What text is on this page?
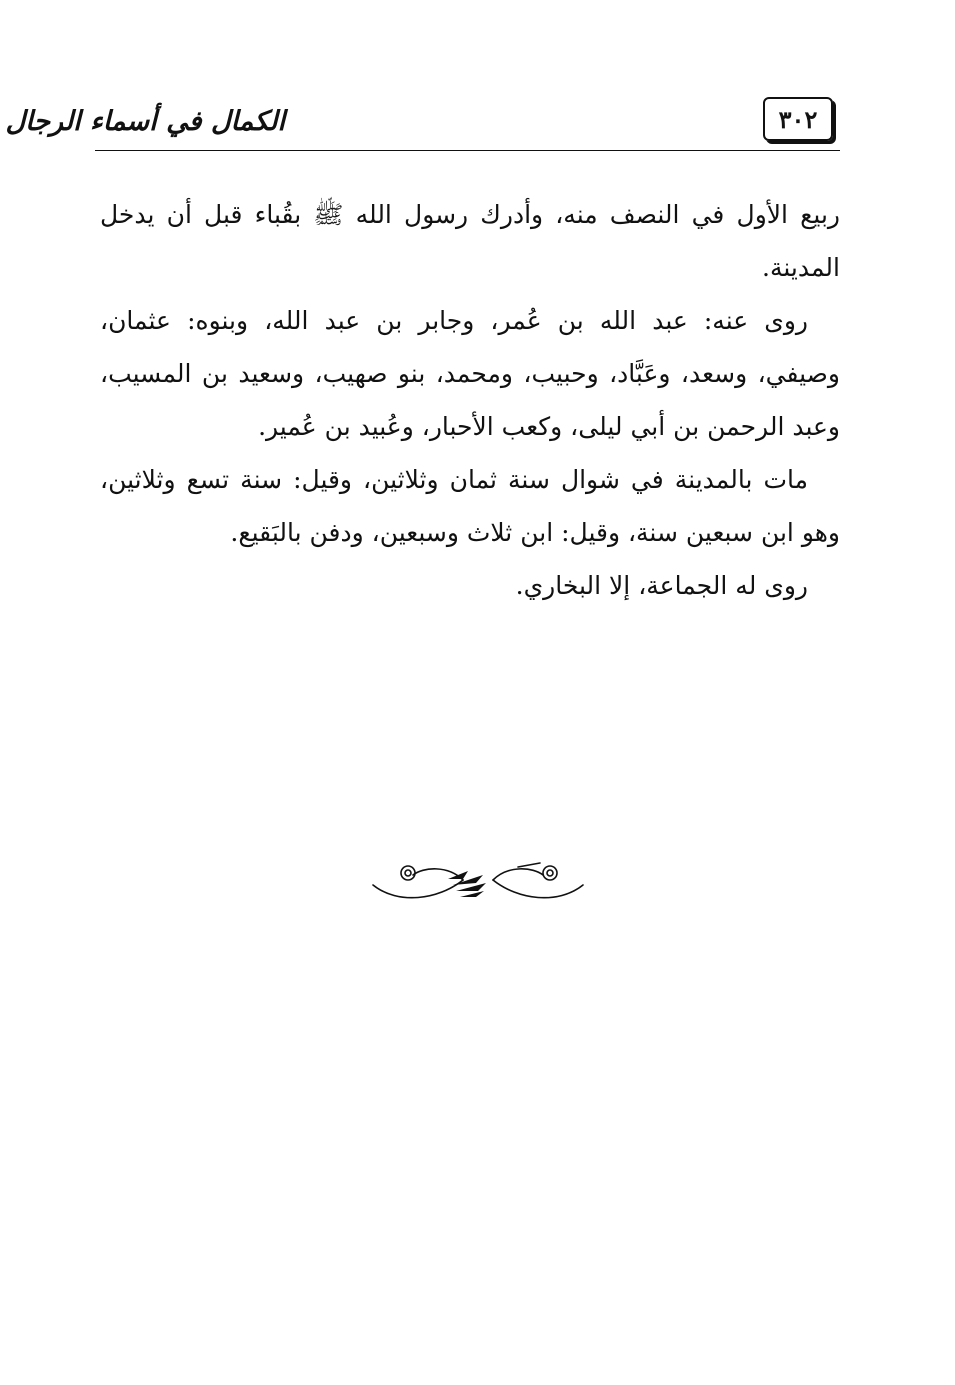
٣٠٢
الكمال في أسماء الرجال

ربيع الأول في النصف منه، وأدرك رسول الله ﷺ بقُباء قبل أن يدخل المدينة.

روى عنه: عبد الله بن عُمر، وجابر بن عبد الله، وبنوه: عثمان، وصيفي، وسعد، وعَبَّاد، وحبيب، ومحمد، بنو صهيب، وسعيد بن المسيب، وعبد الرحمن بن أبي ليلى، وكعب الأحبار، وعُبيد بن عُمير.

مات بالمدينة في شوال سنة ثمان وثلاثين، وقيل: سنة تسع وثلاثين، وهو ابن سبعين سنة، وقيل: ابن ثلاث وسبعين، ودفن بالبَقيع.

روى له الجماعة، إلا البخاري.
